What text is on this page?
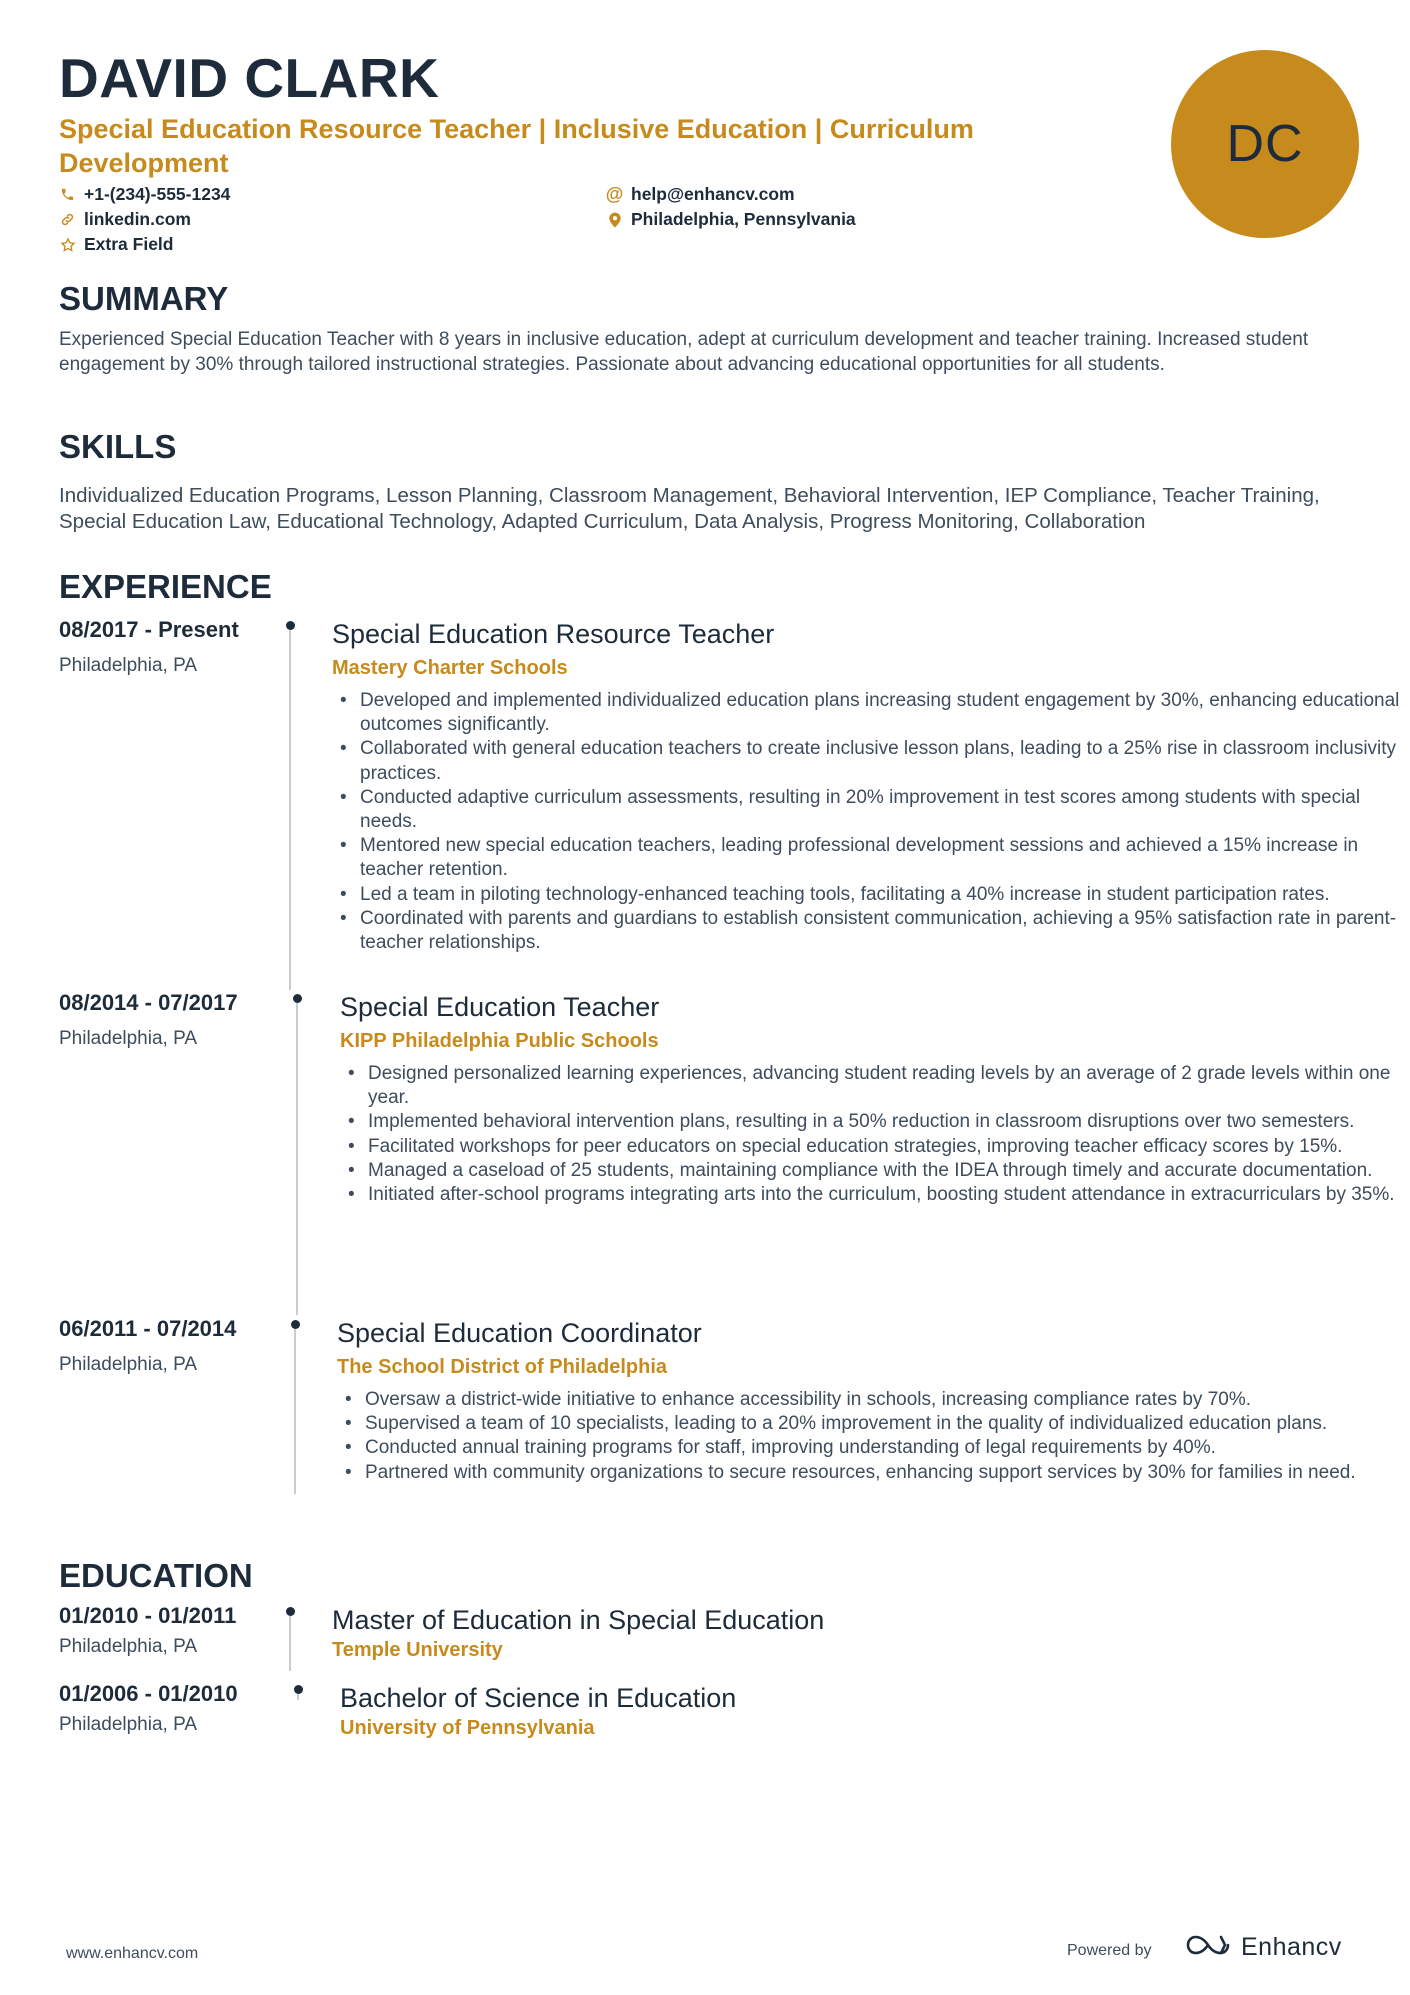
DAVID CLARK
Special Education Resource Teacher | Inclusive Education | Curriculum Development
+1-(234)-555-1234
linkedin.com
Extra Field
@ help@enhancv.com
Philadelphia, Pennsylvania
DC
SUMMARY
Experienced Special Education Teacher with 8 years in inclusive education, adept at curriculum development and teacher training. Increased student engagement by 30% through tailored instructional strategies. Passionate about advancing educational opportunities for all students.
SKILLS
Individualized Education Programs, Lesson Planning, Classroom Management, Behavioral Intervention, IEP Compliance, Teacher Training, Special Education Law, Educational Technology, Adapted Curriculum, Data Analysis, Progress Monitoring, Collaboration
EXPERIENCE
08/2017 - Present
Philadelphia, PA
Special Education Resource Teacher
Mastery Charter Schools
• Developed and implemented individualized education plans increasing student engagement by 30%, enhancing educational outcomes significantly.
• Collaborated with general education teachers to create inclusive lesson plans, leading to a 25% rise in classroom inclusivity practices.
• Conducted adaptive curriculum assessments, resulting in 20% improvement in test scores among students with special needs.
• Mentored new special education teachers, leading professional development sessions and achieved a 15% increase in teacher retention.
• Led a team in piloting technology-enhanced teaching tools, facilitating a 40% increase in student participation rates.
• Coordinated with parents and guardians to establish consistent communication, achieving a 95% satisfaction rate in parent-teacher relationships.
08/2014 - 07/2017
Philadelphia, PA
Special Education Teacher
KIPP Philadelphia Public Schools
• Designed personalized learning experiences, advancing student reading levels by an average of 2 grade levels within one year.
• Implemented behavioral intervention plans, resulting in a 50% reduction in classroom disruptions over two semesters.
• Facilitated workshops for peer educators on special education strategies, improving teacher efficacy scores by 15%.
• Managed a caseload of 25 students, maintaining compliance with the IDEA through timely and accurate documentation.
• Initiated after-school programs integrating arts into the curriculum, boosting student attendance in extracurriculars by 35%.
06/2011 - 07/2014
Philadelphia, PA
Special Education Coordinator
The School District of Philadelphia
• Oversaw a district-wide initiative to enhance accessibility in schools, increasing compliance rates by 70%.
• Supervised a team of 10 specialists, leading to a 20% improvement in the quality of individualized education plans.
• Conducted annual training programs for staff, improving understanding of legal requirements by 40%.
• Partnered with community organizations to secure resources, enhancing support services by 30% for families in need.
EDUCATION
01/2010 - 01/2011
Philadelphia, PA
Master of Education in Special Education
Temple University
01/2006 - 01/2010
Philadelphia, PA
Bachelor of Science in Education
University of Pennsylvania
www.enhancv.com	Powered by	Enhancv
